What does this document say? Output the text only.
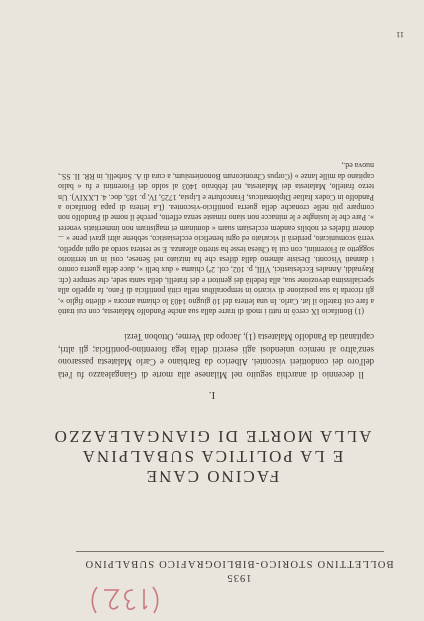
BOLLETTINO STORICO-BIBLIOGRAFICO SUBALPINO
1935
FACINO CANE
E LA POLITICA SUBALPINA
ALLA MORTE DI GIANGALEAZZO
I.

Il decennio di anarchia seguito nel Milanese alla morte di Giangaleazzo fu l'età dell'oro dei condottieri viscontei. Alberico da Barbiano e Carlo Malatesta passarono senz'altro al nemico uniendosi agli eserciti della lega fiorentino-pontificia; gli altri, capitanati da Pandolfo Malatesta (1), Jacopo dal Verme, Ottobon Terzi

(1) Bonifacio IX cercò in tutti i modi di trarre dalla sua anche Pandolfo Malatesta, con cui trattò a fare col fratello il lat. Carlo. In una lettera del 10 giugno 1403 lo chiama ancora « diletto figlio », gli ricorda la sua posizione di vicario in temporalibus nella città pontificia di Fano, fa appello alla specialissima devozione sua, alla fedeltà dei genitori e dei fratelli, della santa sede, che sempre (cfr. Raynaldi, Annales Ecclesiastici, VIII, p. 102, col. 2ª) chiama « dux belli », duce della guerra contro i dannati Visconti. Desiste almeno dalla difesa che ha iniziato nel Senese, così in un territorio soggetto ai Fiorentini, con cui la Chiesa tesse ha stretto alleanza. E se restera sordo ad ogni appello, verrà scomunicato, perderà il vicariato ed ogni beneficio ecclesiastico, sebbene altri gravi pene « ... donent fideles et nobilis eandem ecclesiam suam « dominam et magistram non immeritatis veneret ». Pare che le lusinghe e le minacce non siano rimaste senza effetto, perchè il nome di Pandolfo non compare più nelle cronache della guerra pontificio-viscontea. (La lettera di papa Bonifacio a Pandolfo in Codex Italiae Diplomaticus, Francofurte e Lipsia, 1725, IV, p. 185, doc. 4. LXXIV). Un terzo fratello, Malatesta dei Malatesta, nel febbraio 1403 al soldo dei Fiorentini e fu « balio capitano da mille lanze » (Corpus Chronicorum Bononiensium, a cura di A. Sorbelli, in RR. II. SS., nuova ed.,

11
